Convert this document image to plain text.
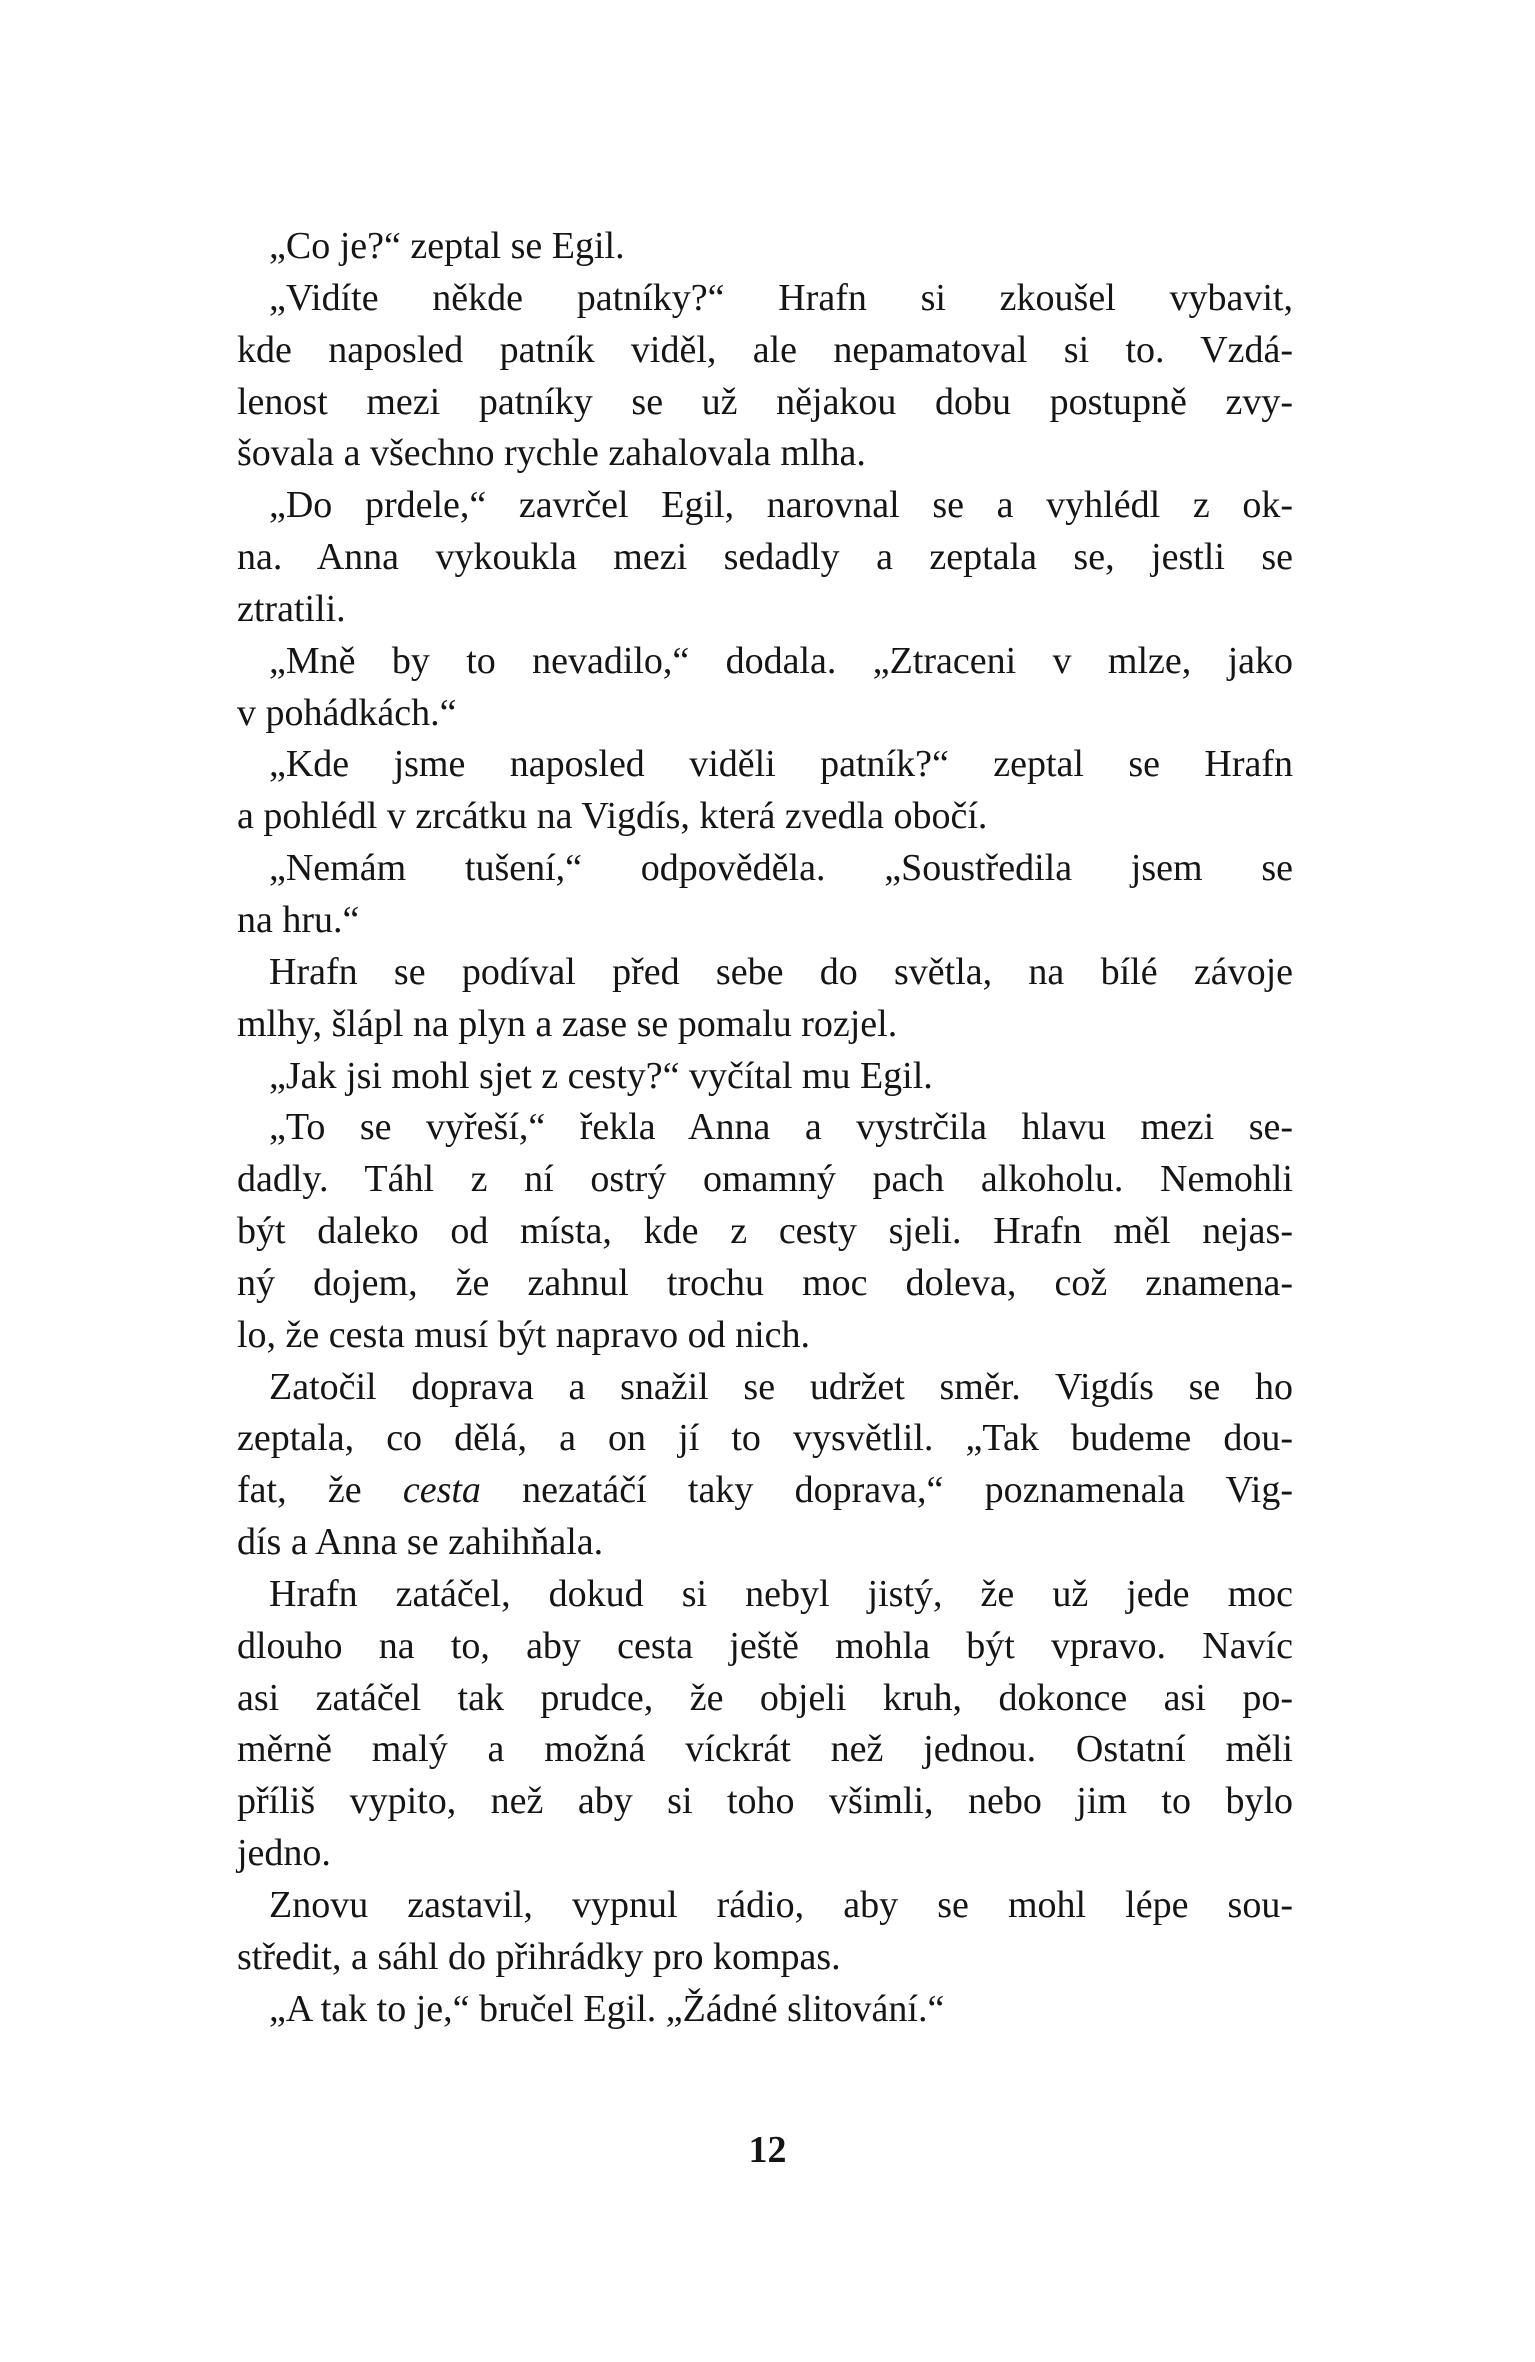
„Co je?“ zeptal se Egil.
„Vidíte někde patníky?“ Hrafn si zkoušel vybavit,
kde naposled patník viděl, ale nepamatoval si to. Vzdá-
lenost mezi patníky se už nějakou dobu postupně zvy-
šovala a všechno rychle zahalovala mlha.
„Do prdele,“ zavrčel Egil, narovnal se a vyhlédl z ok-
na. Anna vykoukla mezi sedadly a zeptala se, jestli se
ztratili.
„Mně by to nevadilo,“ dodala. „Ztraceni v mlze, jako
v pohádkách.“
„Kde jsme naposled viděli patník?“ zeptal se Hrafn
a pohlédl v zrcátku na Vigdís, která zvedla obočí.
„Nemám tušení,“ odpověděla. „Soustředila jsem se
na hru.“
Hrafn se podíval před sebe do světla, na bílé závoje
mlhy, šlápl na plyn a zase se pomalu rozjel.
„Jak jsi mohl sjet z cesty?“ vyčítal mu Egil.
„To se vyřeší,“ řekla Anna a vystrčila hlavu mezi se-
dadly. Táhl z ní ostrý omamný pach alkoholu. Nemohli
být daleko od místa, kde z cesty sjeli. Hrafn měl nejas-
ný dojem, že zahnul trochu moc doleva, což znamena-
lo, že cesta musí být napravo od nich.
Zatočil doprava a snažil se udržet směr. Vigdís se ho
zeptala, co dělá, a on jí to vysvětlil. „Tak budeme dou-
fat, že cesta nezatáčí taky doprava,“ poznamenala Vig-
dís a Anna se zahihňala.
Hrafn zatáčel, dokud si nebyl jistý, že už jede moc
dlouho na to, aby cesta ještě mohla být vpravo. Navíc
asi zatáčel tak prudce, že objeli kruh, dokonce asi po-
měrně malý a možná víckrát než jednou. Ostatní měli
příliš vypito, než aby si toho všimli, nebo jim to bylo
jedno.
Znovu zastavil, vypnul rádio, aby se mohl lépe sou-
středit, a sáhl do přihrádky pro kompas.
„A tak to je,“ bručel Egil. „Žádné slitování.“
12
